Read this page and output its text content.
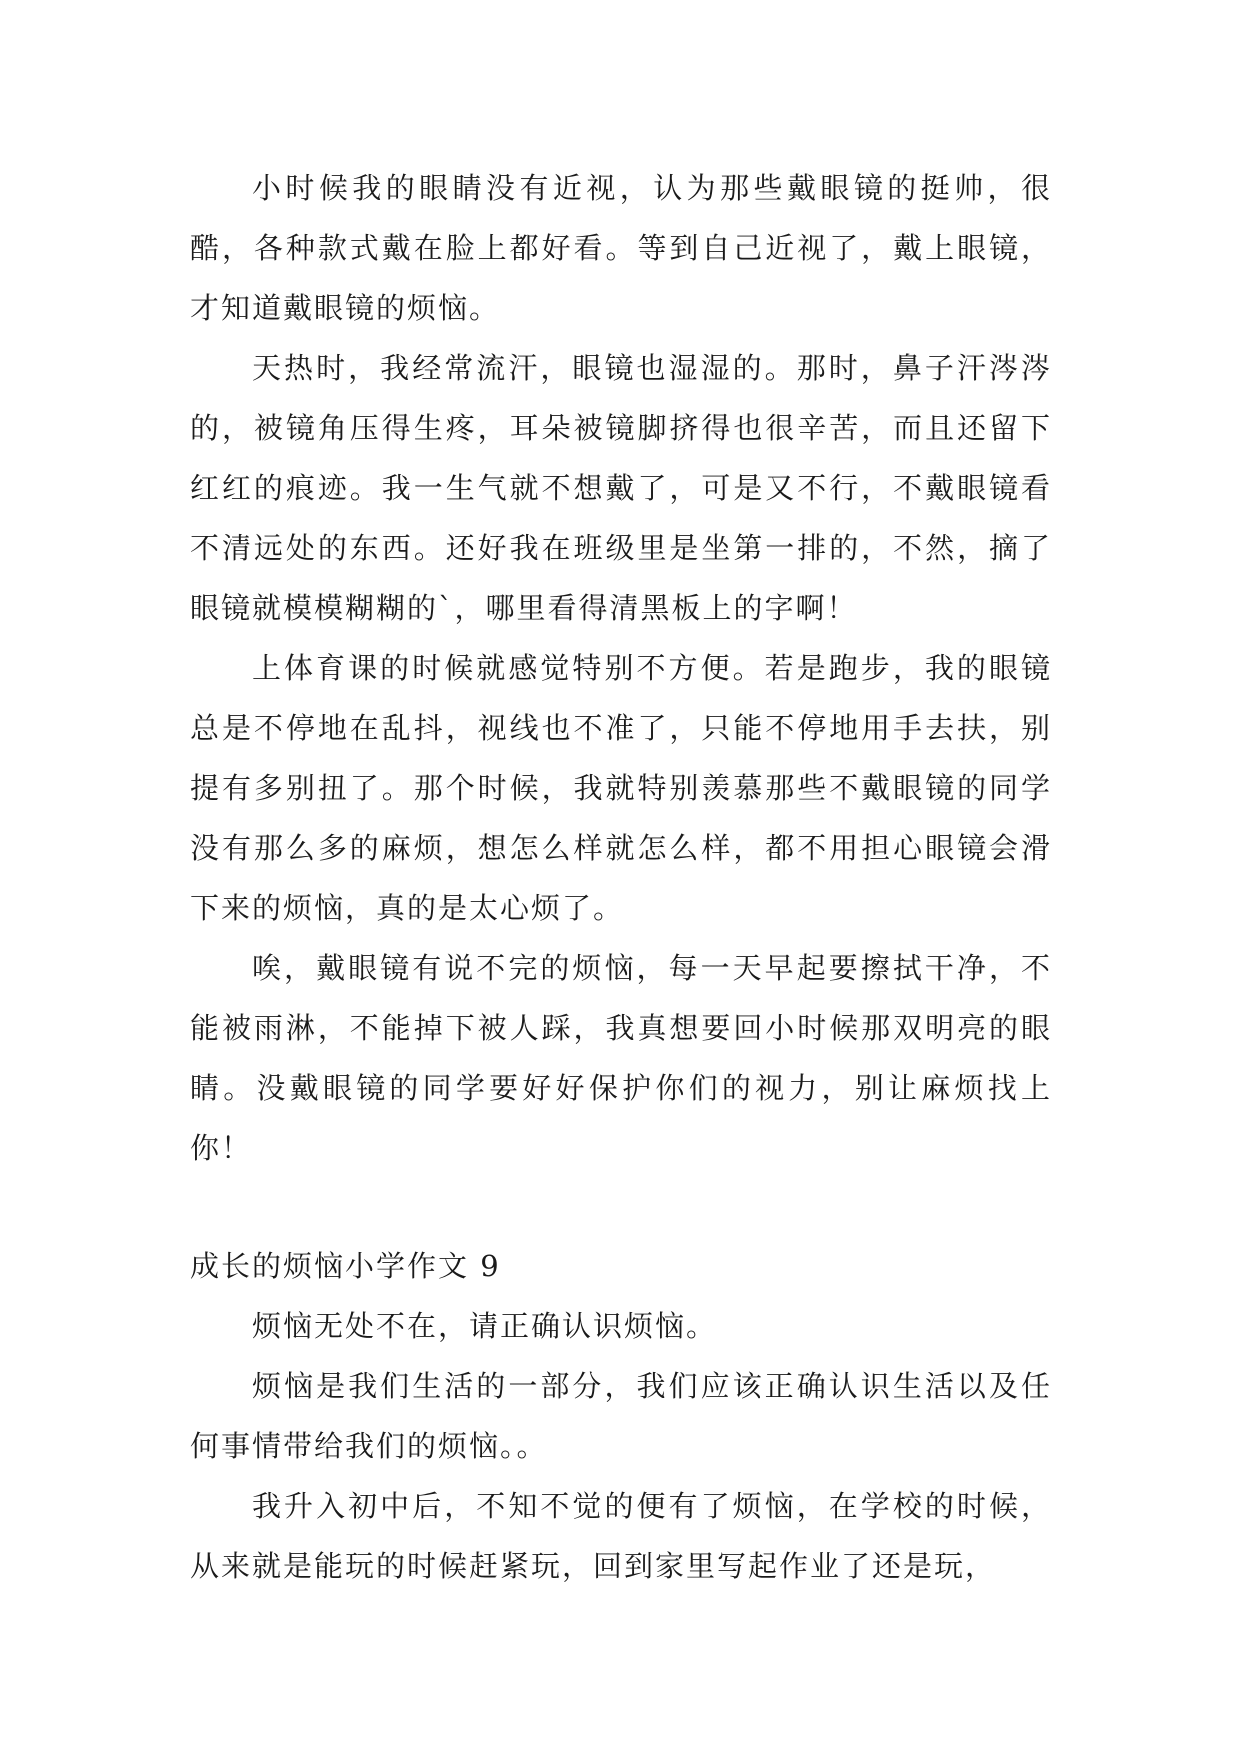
小时候我的眼睛没有近视，认为那些戴眼镜的挺帅，很酷，各种款式戴在脸上都好看。等到自己近视了，戴上眼镜，才知道戴眼镜的烦恼。

天热时，我经常流汗，眼镜也湿湿的。那时，鼻子汗涔涔的，被镜角压得生疼，耳朵被镜脚挤得也很辛苦，而且还留下红红的痕迹。我一生气就不想戴了，可是又不行，不戴眼镜看不清远处的东西。还好我在班级里是坐第一排的，不然，摘了眼镜就模模糊糊的`，哪里看得清黑板上的字啊！

上体育课的时候就感觉特别不方便。若是跑步，我的眼镜总是不停地在乱抖，视线也不准了，只能不停地用手去扶，别提有多别扭了。那个时候，我就特别羡慕那些不戴眼镜的同学没有那么多的麻烦，想怎么样就怎么样，都不用担心眼镜会滑下来的烦恼，真的是太心烦了。

唉，戴眼镜有说不完的烦恼，每一天早起要擦拭干净，不能被雨淋，不能掉下被人踩，我真想要回小时候那双明亮的眼睛。没戴眼镜的同学要好好保护你们的视力，别让麻烦找上你！

成长的烦恼小学作文 9

烦恼无处不在，请正确认识烦恼。

烦恼是我们生活的一部分，我们应该正确认识生活以及任何事情带给我们的烦恼。。

我升入初中后，不知不觉的便有了烦恼，在学校的时候，从来就是能玩的时候赶紧玩，回到家里写起作业了还是玩，
